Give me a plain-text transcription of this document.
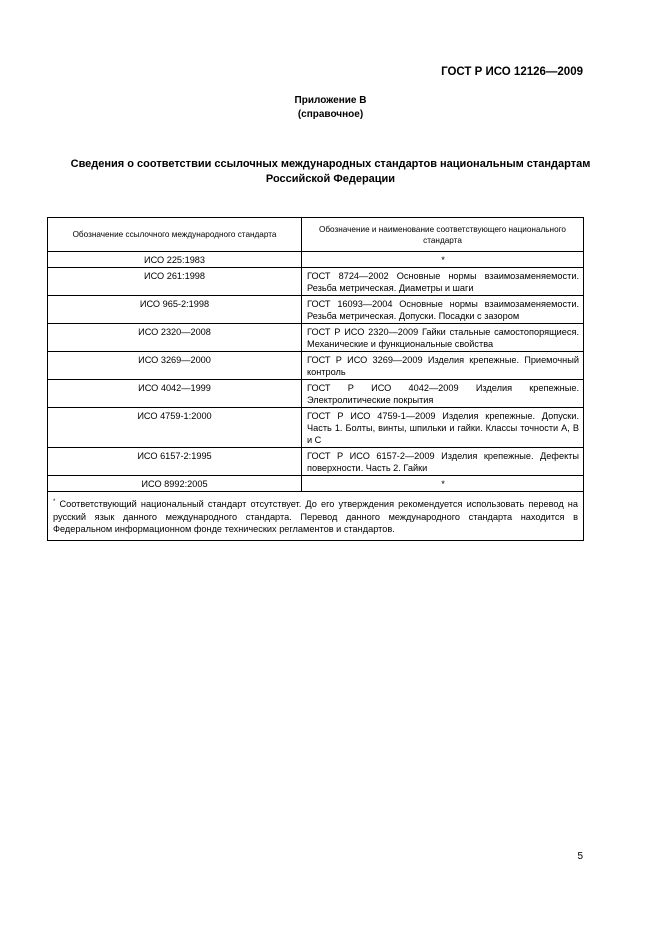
ГОСТ Р ИСО 12126—2009
Приложение В
(справочное)
Сведения о соответствии ссылочных международных стандартов национальным стандартам
Российской Федерации
Обозначение ссылочного международного стандарта	Обозначение и наименование соответствующего национального стандарта
ИСО 225:1983	*
ИСО 261:1998	ГОСТ 8724—2002 Основные нормы взаимозаменяемости. Резьба метрическая. Диаметры и шаги
ИСО 965-2:1998	ГОСТ 16093—2004 Основные нормы взаимозаменяемости. Резьба метрическая. Допуски. Посадки с зазором
ИСО 2320—2008	ГОСТ Р ИСО 2320—2009 Гайки стальные самостопорящиеся. Механические и функциональные свойства
ИСО 3269—2000	ГОСТ Р ИСО 3269—2009 Изделия крепежные. Приемочный контроль
ИСО 4042—1999	ГОСТ Р ИСО 4042—2009 Изделия крепежные. Электролитические покрытия
ИСО 4759-1:2000	ГОСТ Р ИСО 4759-1—2009 Изделия крепежные. Допуски. Часть 1. Болты, винты, шпильки и гайки. Классы точности А, В и С
ИСО 6157-2:1995	ГОСТ Р ИСО 6157-2—2009 Изделия крепежные. Дефекты поверхности. Часть 2. Гайки
ИСО 8992:2005	*
* Соответствующий национальный стандарт отсутствует. До его утверждения рекомендуется использовать перевод на русский язык данного международного стандарта. Перевод данного международного стандарта находится в Федеральном информационном фонде технических регламентов и стандартов.	
5
